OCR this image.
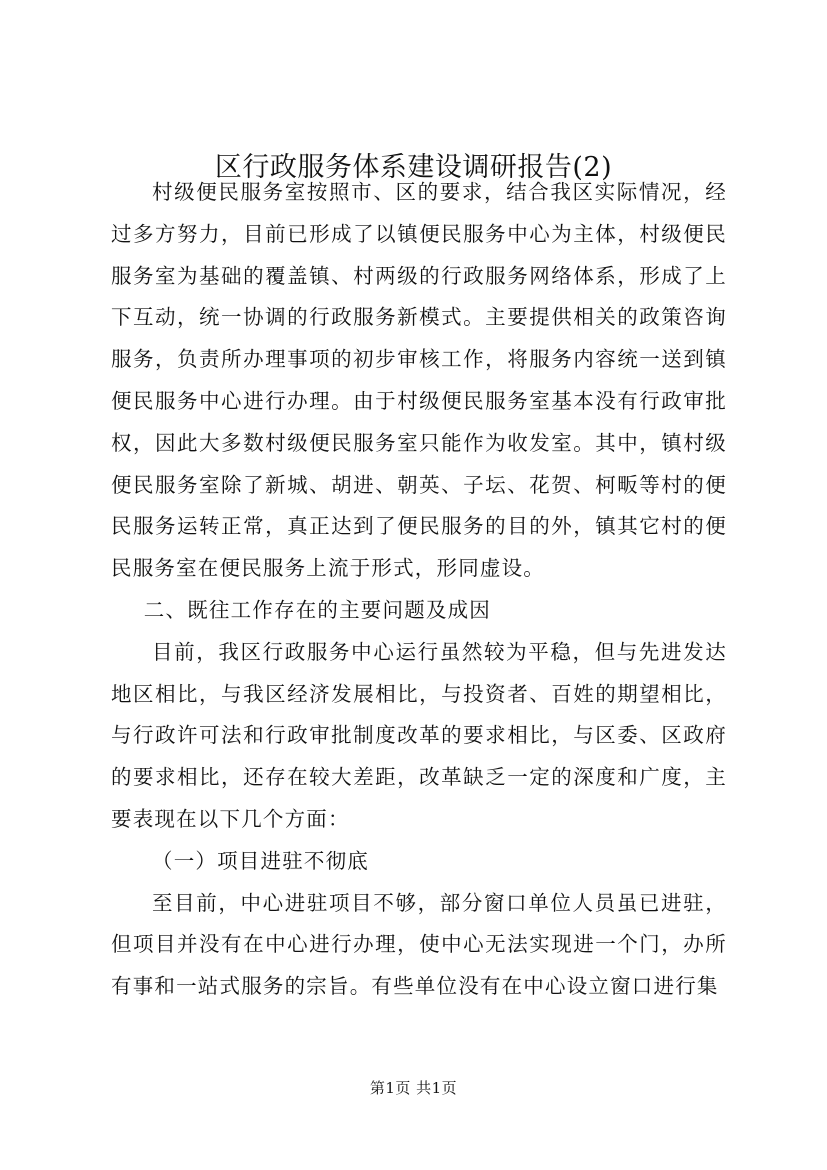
区行政服务体系建设调研报告(2)

村级便民服务室按照市、区的要求，结合我区实际情况，经过多方努力，目前已形成了以镇便民服务中心为主体，村级便民服务室为基础的覆盖镇、村两级的行政服务网络体系，形成了上下互动，统一协调的行政服务新模式。主要提供相关的政策咨询服务，负责所办理事项的初步审核工作，将服务内容统一送到镇便民服务中心进行办理。由于村级便民服务室基本没有行政审批权，因此大多数村级便民服务室只能作为收发室。其中，镇村级便民服务室除了新城、胡进、朝英、子坛、花贺、柯畈等村的便民服务运转正常，真正达到了便民服务的目的外，镇其它村的便民服务室在便民服务上流于形式，形同虚设。

二、既往工作存在的主要问题及成因

目前，我区行政服务中心运行虽然较为平稳，但与先进发达地区相比，与我区经济发展相比，与投资者、百姓的期望相比，与行政许可法和行政审批制度改革的要求相比，与区委、区政府的要求相比，还存在较大差距，改革缺乏一定的深度和广度，主要表现在以下几个方面：

（一）项目进驻不彻底

至目前，中心进驻项目不够，部分窗口单位人员虽已进驻，但项目并没有在中心进行办理，使中心无法实现进一个门，办所有事和一站式服务的宗旨。有些单位没有在中心设立窗口进行集

第1页 共1页
